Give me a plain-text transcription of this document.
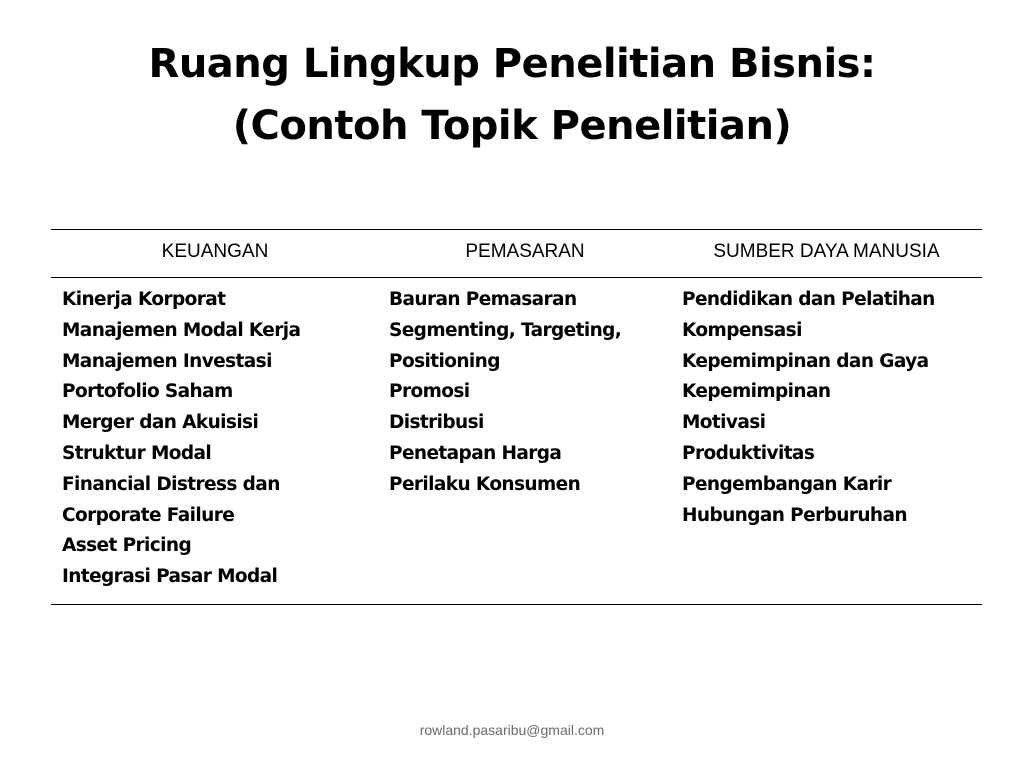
Ruang Lingkup Penelitian Bisnis:
(Contoh Topik Penelitian)
KEUANGAN	PEMASARAN	SUMBER DAYA MANUSIA
Kinerja Korporat
Manajemen Modal Kerja
Manajemen Investasi
Portofolio Saham
Merger dan Akuisisi
Struktur Modal
Financial Distress dan
Corporate Failure
Asset Pricing
Integrasi Pasar Modal
Bauran Pemasaran
Segmenting, Targeting,
Positioning
Promosi
Distribusi
Penetapan Harga
Perilaku Konsumen
Pendidikan dan Pelatihan
Kompensasi
Kepemimpinan dan Gaya
Kepemimpinan
Motivasi
Produktivitas
Pengembangan Karir
Hubungan Perburuhan
rowland.pasaribu@gmail.com
